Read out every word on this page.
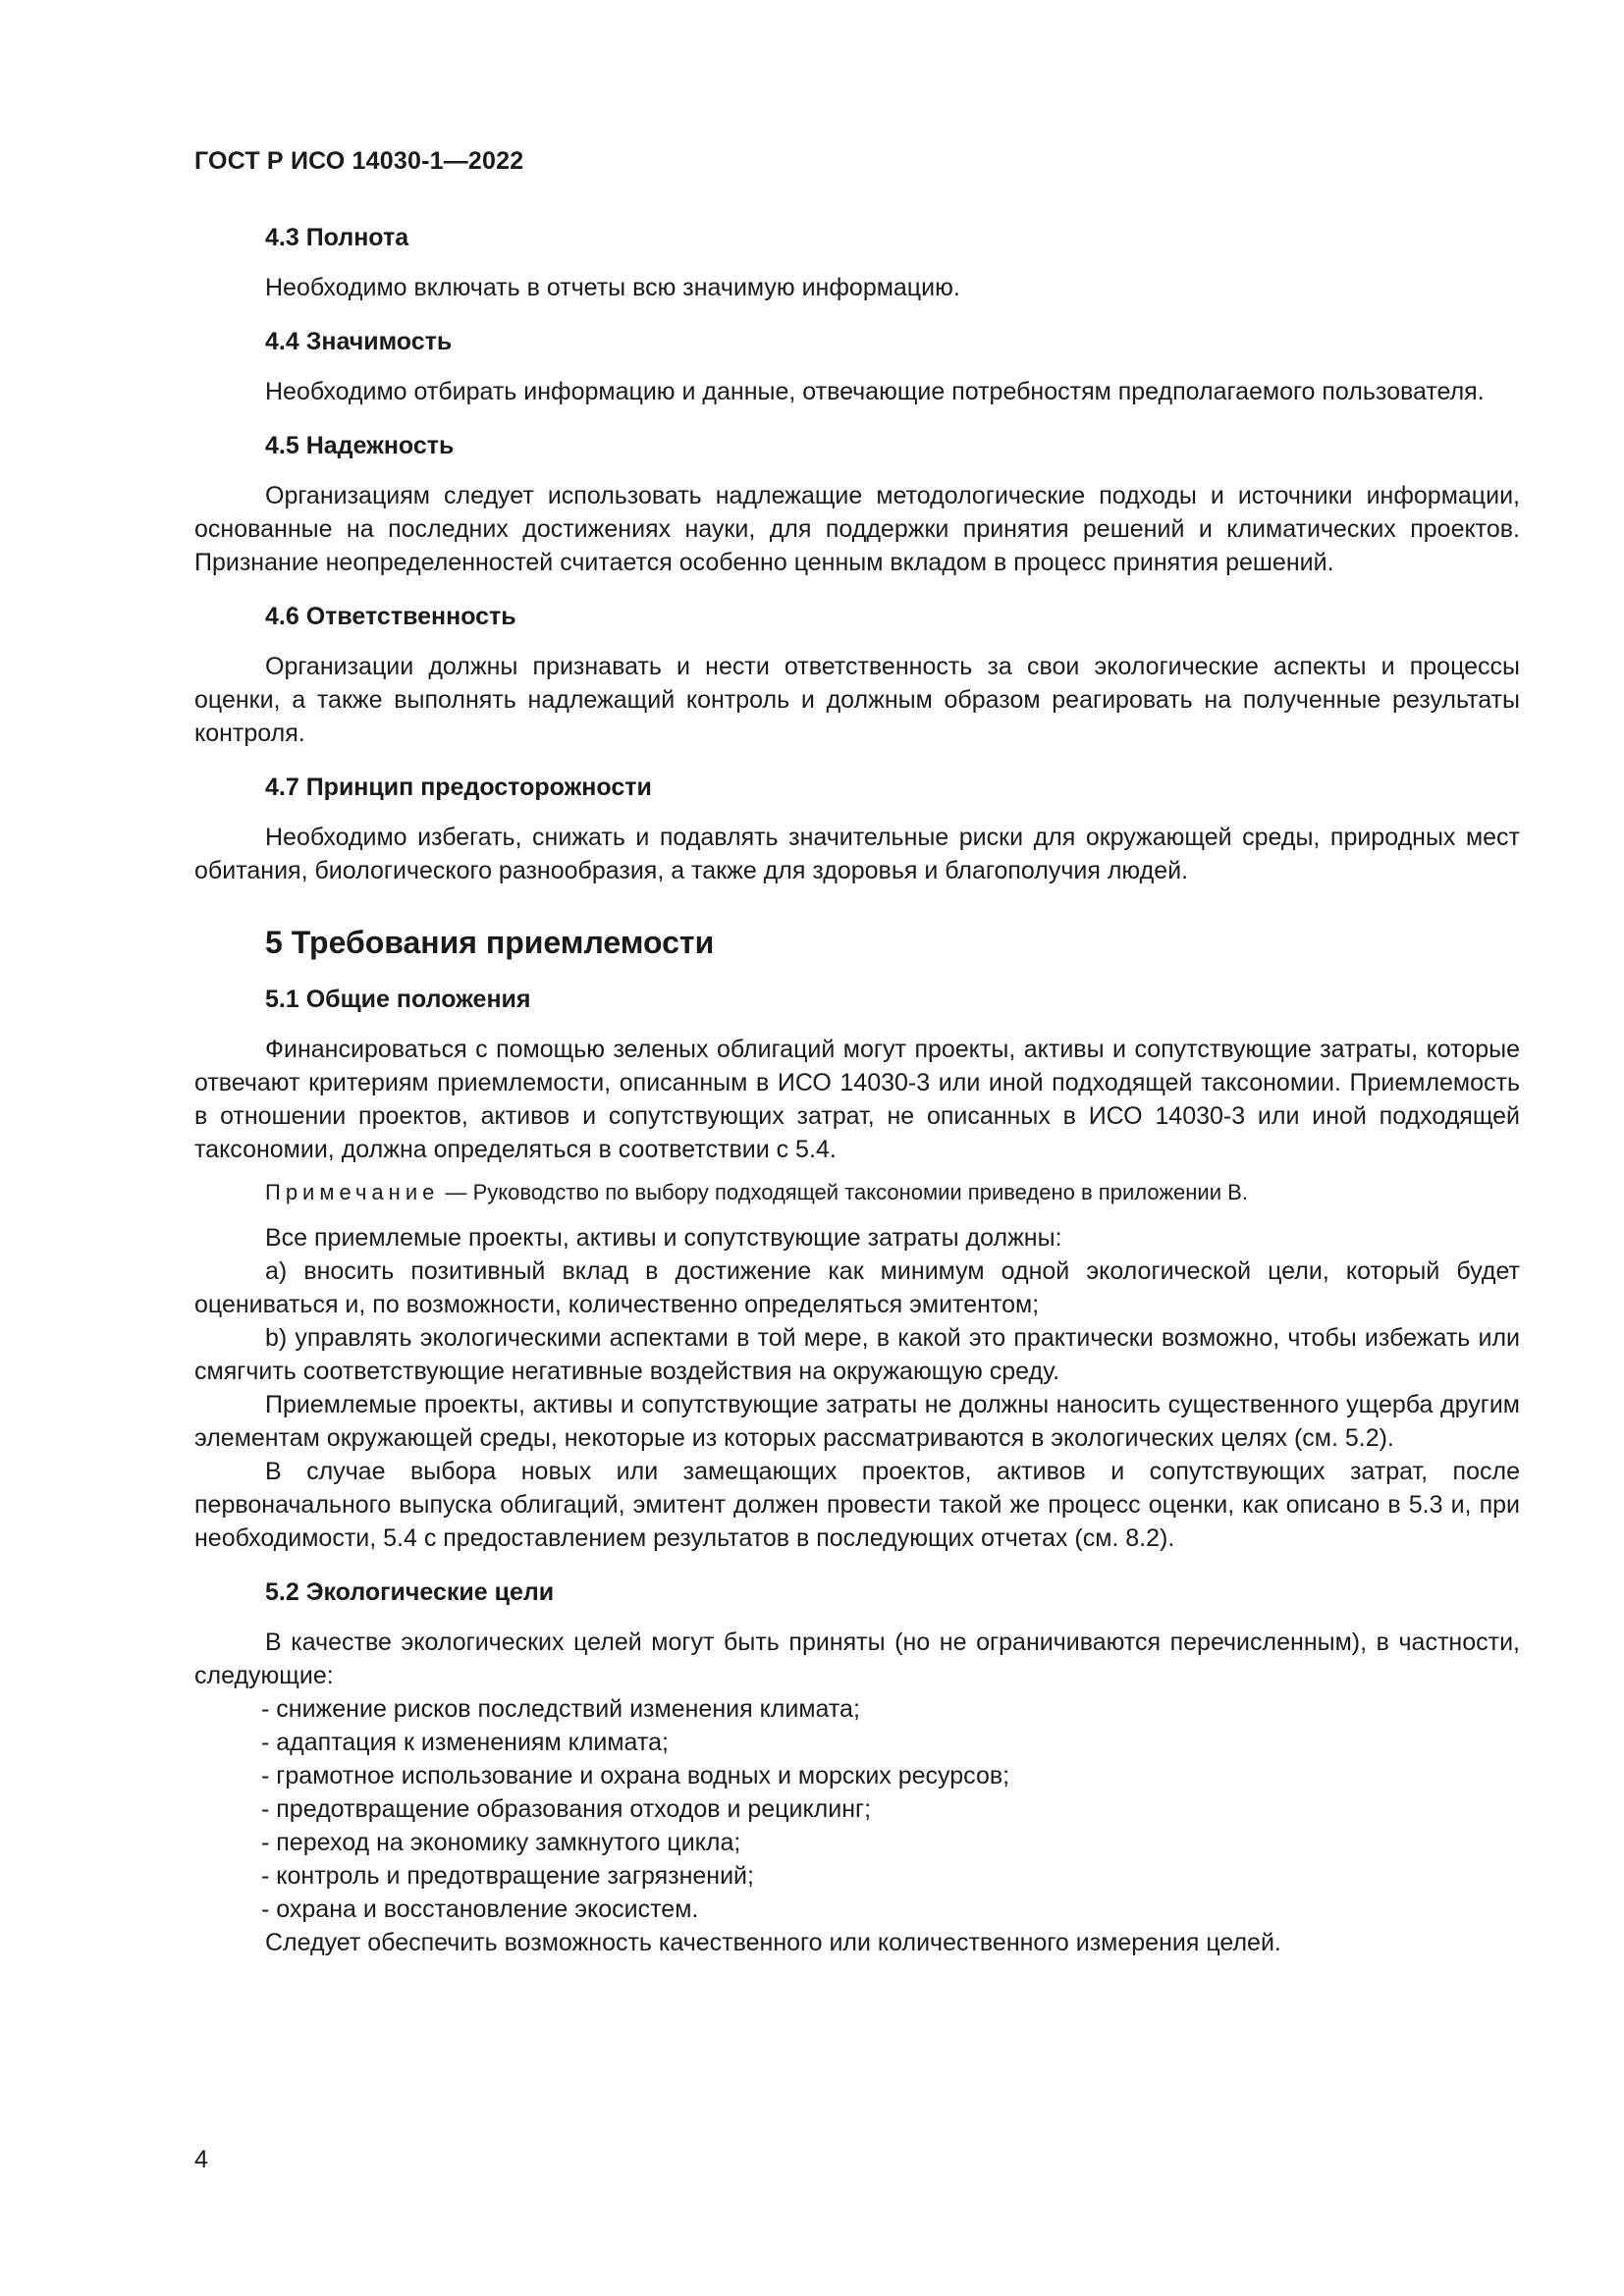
ГОСТ Р ИСО 14030-1—2022
4.3 Полнота

Необходимо включать в отчеты всю значимую информацию.

4.4 Значимость

Необходимо отбирать информацию и данные, отвечающие потребностям предполагаемого пользователя.

4.5 Надежность

Организациям следует использовать надлежащие методологические подходы и источники информации, основанные на последних достижениях науки, для поддержки принятия решений и климатических проектов. Признание неопределенностей считается особенно ценным вкладом в процесс принятия решений.

4.6 Ответственность

Организации должны признавать и нести ответственность за свои экологические аспекты и процессы оценки, а также выполнять надлежащий контроль и должным образом реагировать на полученные результаты контроля.

4.7 Принцип предосторожности

Необходимо избегать, снижать и подавлять значительные риски для окружающей среды, природных мест обитания, биологического разнообразия, а также для здоровья и благополучия людей.

5 Требования приемлемости
5.1 Общие положения

Финансироваться с помощью зеленых облигаций могут проекты, активы и сопутствующие затраты, которые отвечают критериям приемлемости, описанным в ИСО 14030-3 или иной подходящей таксономии. Приемлемость в отношении проектов, активов и сопутствующих затрат, не описанных в ИСО 14030-3 или иной подходящей таксономии, должна определяться в соответствии с 5.4.

Примечание — Руководство по выбору подходящей таксономии приведено в приложении В.

Все приемлемые проекты, активы и сопутствующие затраты должны:

a) вносить позитивный вклад в достижение как минимум одной экологической цели, который будет оцениваться и, по возможности, количественно определяться эмитентом;

b) управлять экологическими аспектами в той мере, в какой это практически возможно, чтобы избежать или смягчить соответствующие негативные воздействия на окружающую среду.

Приемлемые проекты, активы и сопутствующие затраты не должны наносить существенного ущерба другим элементам окружающей среды, некоторые из которых рассматриваются в экологических целях (см. 5.2).

В случае выбора новых или замещающих проектов, активов и сопутствующих затрат, после первоначального выпуска облигаций, эмитент должен провести такой же процесс оценки, как описано в 5.3 и, при необходимости, 5.4 с предоставлением результатов в последующих отчетах (см. 8.2).

5.2 Экологические цели

В качестве экологических целей могут быть приняты (но не ограничиваются перечисленным), в частности, следующие:

- снижение рисков последствий изменения климата;
- адаптация к изменениям климата;
- грамотное использование и охрана водных и морских ресурсов;
- предотвращение образования отходов и рециклинг;
- переход на экономику замкнутого цикла;
- контроль и предотвращение загрязнений;
- охрана и восстановление экосистем.

Следует обеспечить возможность качественного или количественного измерения целей.

4
